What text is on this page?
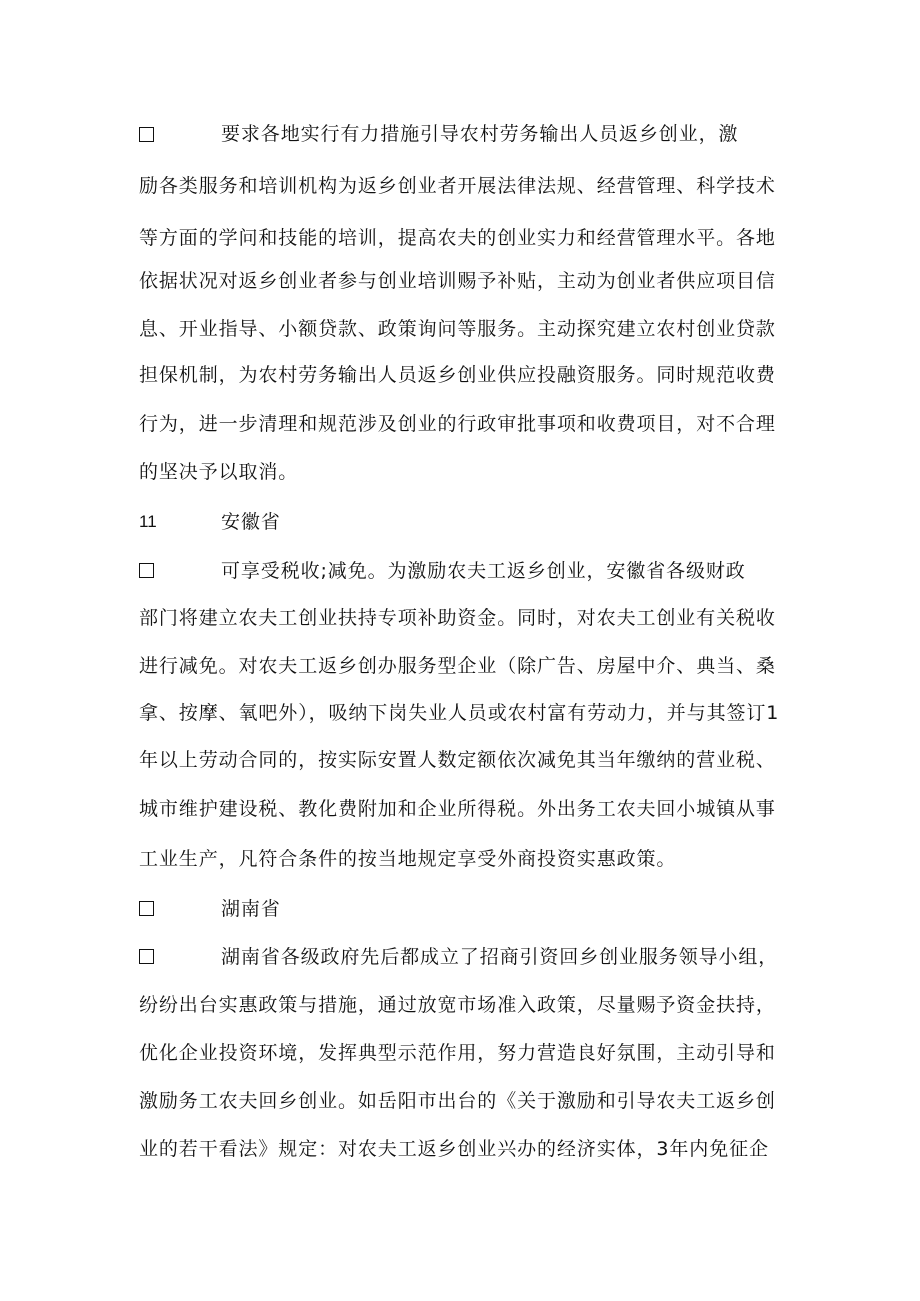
要求各地实行有力措施引导农村劳务输出人员返乡创业，激
励各类服务和培训机构为返乡创业者开展法律法规、经营管理、科学技术
等方面的学问和技能的培训，提高农夫的创业实力和经营管理水平。各地
依据状况对返乡创业者参与创业培训赐予补贴，主动为创业者供应项目信
息、开业指导、小额贷款、政策询问等服务。主动探究建立农村创业贷款
担保机制，为农村劳务输出人员返乡创业供应投融资服务。同时规范收费
行为，进一步清理和规范涉及创业的行政审批事项和收费项目，对不合理
的坚决予以取消。
11	安徽省
可享受税收;减免。为激励农夫工返乡创业，安徽省各级财政
部门将建立农夫工创业扶持专项补助资金。同时，对农夫工创业有关税收
进行减免。对农夫工返乡创办服务型企业（除广告、房屋中介、典当、桑
拿、按摩、氧吧外），吸纳下岗失业人员或农村富有劳动力，并与其签订1
年以上劳动合同的，按实际安置人数定额依次减免其当年缴纳的营业税、
城市维护建设税、教化费附加和企业所得税。外出务工农夫回小城镇从事
工业生产，凡符合条件的按当地规定享受外商投资实惠政策。
湖南省
湖南省各级政府先后都成立了招商引资回乡创业服务领导小组，
纷纷出台实惠政策与措施，通过放宽市场准入政策，尽量赐予资金扶持，
优化企业投资环境，发挥典型示范作用，努力营造良好氛围，主动引导和
激励务工农夫回乡创业。如岳阳市出台的《关于激励和引导农夫工返乡创
业的若干看法》规定：对农夫工返乡创业兴办的经济实体，3年内免征企
